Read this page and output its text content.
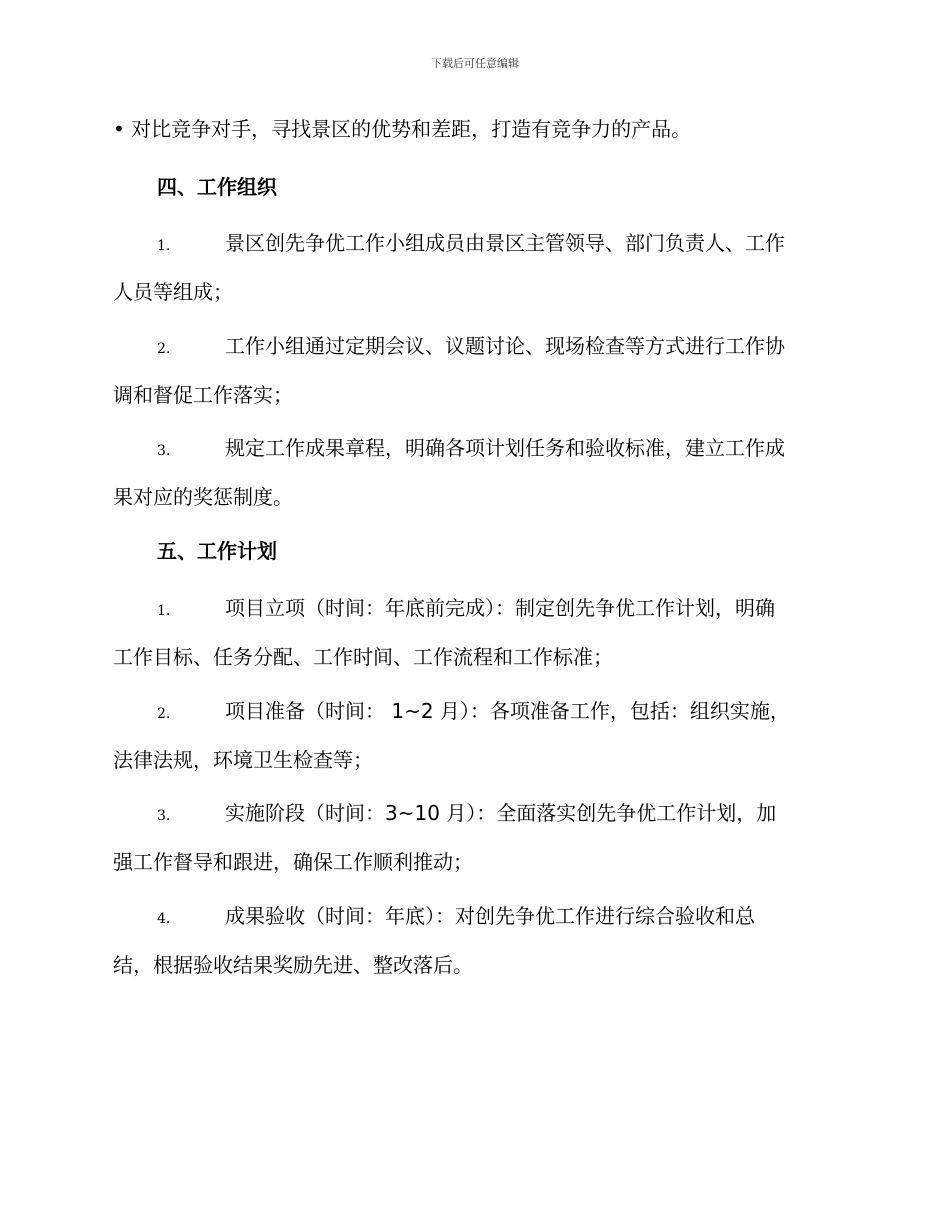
下载后可任意编辑
• 对比竞争对手，寻找景区的优势和差距，打造有竞争力的产品。
四、工作组织
1.	景区创先争优工作小组成员由景区主管领导、部门负责人、工作
人员等组成；
2.	工作小组通过定期会议、议题讨论、现场检查等方式进行工作协
调和督促工作落实；
3.	规定工作成果章程，明确各项计划任务和验收标准，建立工作成
果对应的奖惩制度。
五、工作计划
1.	项目立项（时间：年底前完成）：制定创先争优工作计划，明确
工作目标、任务分配、工作时间、工作流程和工作标准；
2.	项目准备（时间： 1~2 月）：各项准备工作，包括：组织实施，
法律法规，环境卫生检查等；
3.	实施阶段（时间：3~10 月）：全面落实创先争优工作计划，加
强工作督导和跟进，确保工作顺利推动；
4.	成果验收（时间：年底）：对创先争优工作进行综合验收和总
结，根据验收结果奖励先进、整改落后。
